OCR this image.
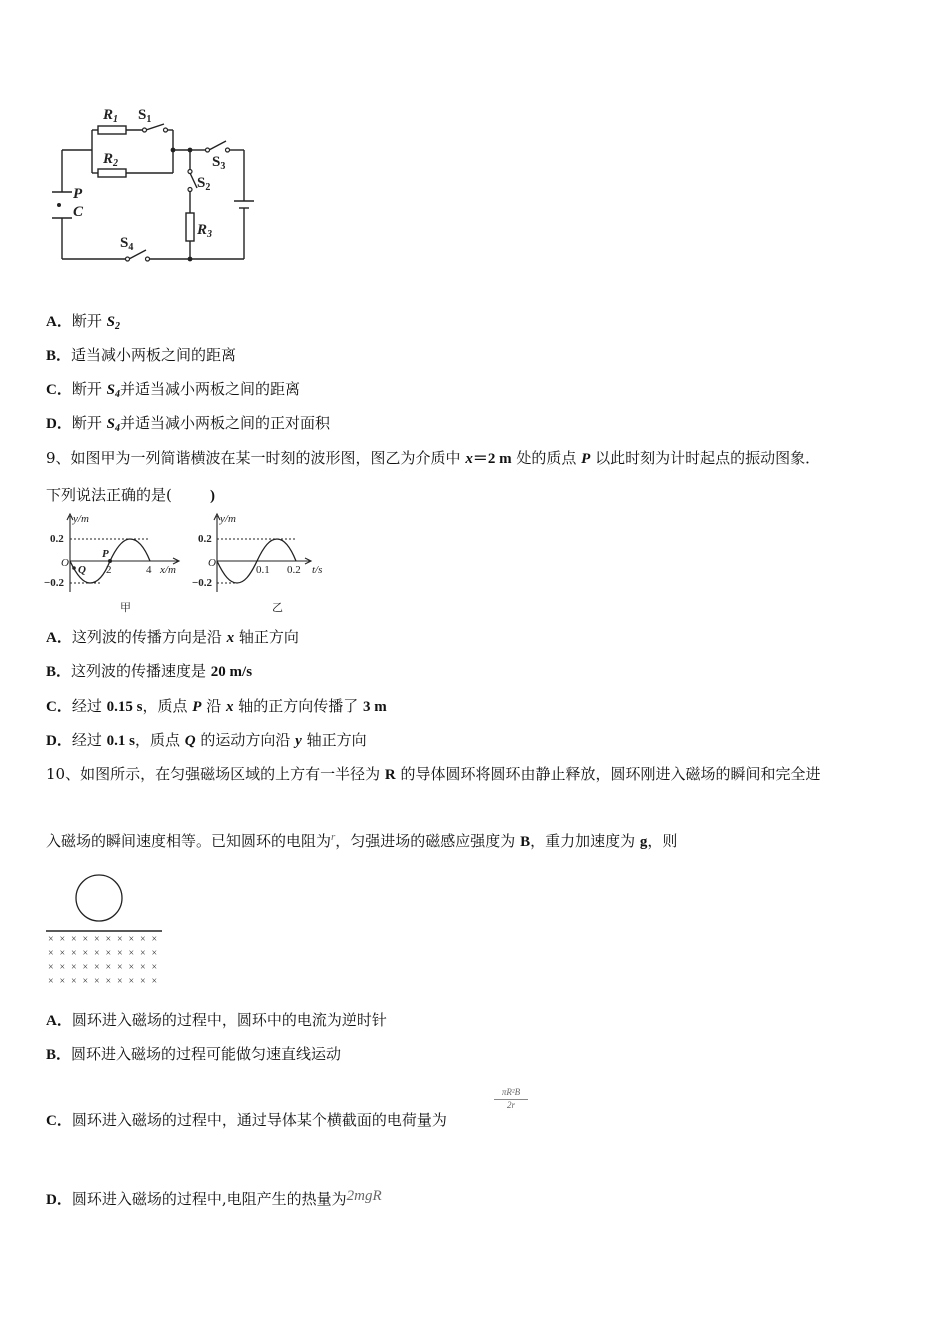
$R_1$ $S_1$
$R_2$	$S_3$
$S_2$
P
C
$R_3$
$S_4$
A．断开 $S_2$
B．适当减小两板之间的距离
C．断开 $S_4$并适当减小两板之间的距离
D．断开 $S_4$并适当减小两板之间的正对面积
9、如图甲为一列简谐横波在某一时刻的波形图，图乙为介质中 x＝2 m 处的质点 P 以此时刻为计时起点的振动图象．
下列说法正确的是(	)
y/m
0.2
−0.2
O
Q
P
2	4 x/m
甲
y/m
0.2
−0.2
O
0.1 0.2 t/s
乙
A．这列波的传播方向是沿 x 轴正方向
B．这列波的传播速度是 20 m/s
C．经过 0.15 s，质点 P 沿 x 轴的正方向传播了 3 m
D．经过 0.1 s，质点 Q 的运动方向沿 y 轴正方向
10、如图所示，在匀强磁场区域的上方有一半径为 R 的导体圆环将圆环由静止释放，圆环刚进入磁场的瞬间和完全进
入磁场的瞬间速度相等。已知圆环的电阻为$^r$，匀强进场的磁感应强度为 B，重力加速度为 g，则
× × × × × × × × × ×
× × × × × × × × × ×
× × × × × × × × × ×
× × × × × × × × × ×
A．圆环进入磁场的过程中，圆环中的电流为逆时针
B．圆环进入磁场的过程可能做匀速直线运动
C．圆环进入磁场的过程中，通过导体某个横截面的电荷量为
$\frac{\text{πR²B}}{2r}$
D．圆环进入磁场的过程中,电阻产生的热量为2mgR
